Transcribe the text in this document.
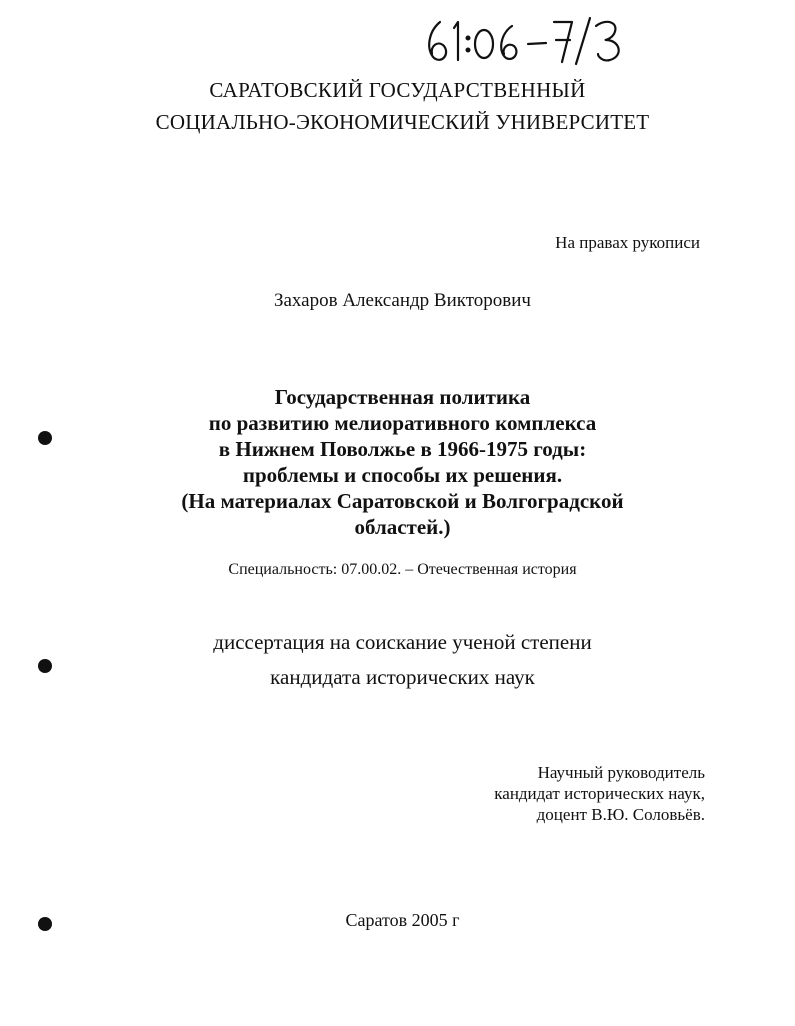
САРАТОВСКИЙ ГОСУДАРСТВЕННЫЙ
СОЦИАЛЬНО-ЭКОНОМИЧЕСКИЙ УНИВЕРСИТЕТ
На правах рукописи
Захаров Александр Викторович
Государственная политика
по развитию мелиоративного комплекса
в Нижнем Поволжье в 1966-1975 годы:
проблемы и способы их решения.
(На материалах Саратовской и Волгоградской
областей.)
Специальность: 07.00.02. – Отечественная история
диссертация на соискание ученой степени
кандидата исторических наук
Научный руководитель
кандидат исторических наук,
доцент В.Ю. Соловьёв.
Саратов 2005 г
